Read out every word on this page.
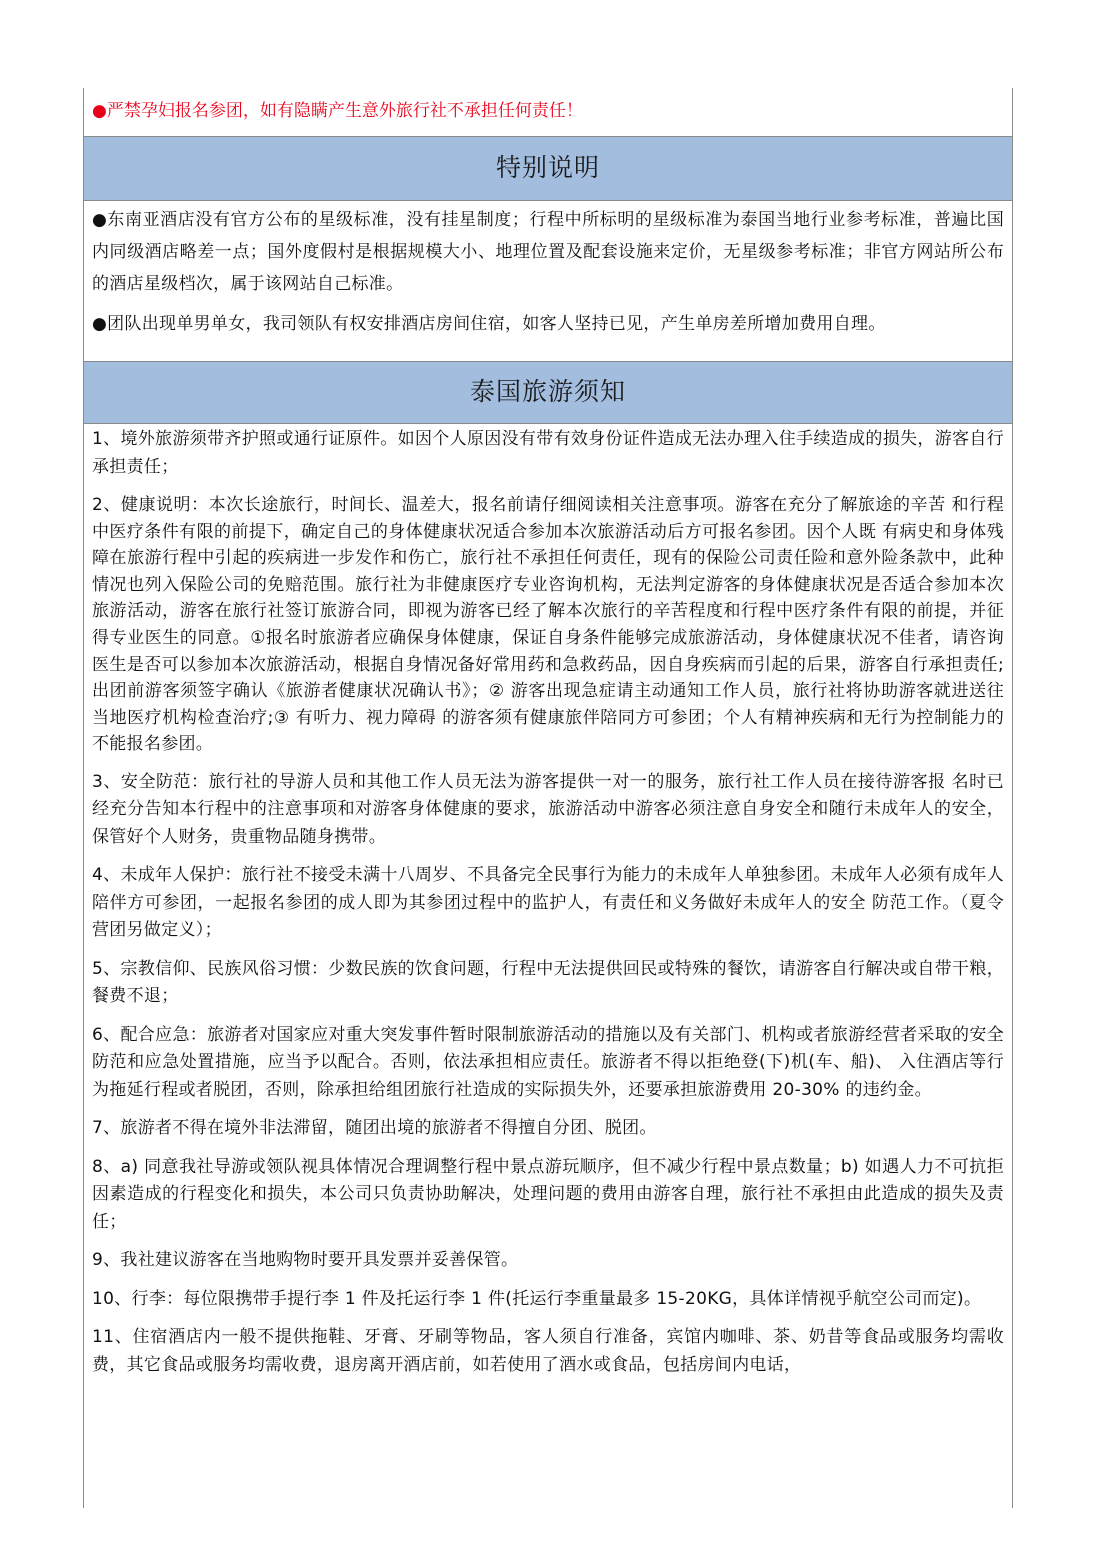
●严禁孕妇报名参团，如有隐瞒产生意外旅行社不承担任何责任！
特别说明

●东南亚酒店没有官方公布的星级标准，没有挂星制度；行程中所标明的星级标准为泰国当地行业参考标准，普遍比国内同级酒店略差一点；国外度假村是根据规模大小、地理位置及配套设施来定价，无星级参考标准；非官方网站所公布的酒店星级档次，属于该网站自己标准。

●团队出现单男单女，我司领队有权安排酒店房间住宿，如客人坚持已见，产生单房差所增加费用自理。

泰国旅游须知

1、境外旅游须带齐护照或通行证原件。如因个人原因没有带有效身份证件造成无法办理入住手续造成的损失，游客自行承担责任；

2、健康说明：本次长途旅行，时间长、温差大，报名前请仔细阅读相关注意事项。游客在充分了解旅途的辛苦 和行程中医疗条件有限的前提下，确定自己的身体健康状况适合参加本次旅游活动后方可报名参团。因个人既 有病史和身体残障在旅游行程中引起的疾病进一步发作和伤亡，旅行社不承担任何责任，现有的保险公司责任险和意外险条款中，此种情况也列入保险公司的免赔范围。旅行社为非健康医疗专业咨询机构，无法判定游客的身体健康状况是否适合参加本次旅游活动，游客在旅行社签订旅游合同，即视为游客已经了解本次旅行的辛苦程度和行程中医疗条件有限的前提，并征得专业医生的同意。①报名时旅游者应确保身体健康，保证自身条件能够完成旅游活动，身体健康状况不佳者，请咨询医生是否可以参加本次旅游活动，根据自身情况备好常用药和急救药品，因自身疾病而引起的后果，游客自行承担责任;出团前游客须签字确认《旅游者健康状况确认书》；② 游客出现急症请主动通知工作人员，旅行社将协助游客就进送往当地医疗机构检查治疗;③ 有听力、视力障碍 的游客须有健康旅伴陪同方可参团；个人有精神疾病和无行为控制能力的不能报名参团。

3、安全防范：旅行社的导游人员和其他工作人员无法为游客提供一对一的服务，旅行社工作人员在接待游客报 名时已经充分告知本行程中的注意事项和对游客身体健康的要求，旅游活动中游客必须注意自身安全和随行未成年人的安全，保管好个人财务，贵重物品随身携带。

4、未成年人保护：旅行社不接受未满十八周岁、不具备完全民事行为能力的未成年人单独参团。未成年人必须有成年人陪伴方可参团，一起报名参团的成人即为其参团过程中的监护人，有责任和义务做好未成年人的安全 防范工作。（夏令营团另做定义）；

5、宗教信仰、民族风俗习惯：少数民族的饮食问题，行程中无法提供回民或特殊的餐饮，请游客自行解决或自带干粮，餐费不退；

6、配合应急：旅游者对国家应对重大突发事件暂时限制旅游活动的措施以及有关部门、机构或者旅游经营者采取的安全防范和应急处置措施，应当予以配合。否则，依法承担相应责任。旅游者不得以拒绝登(下)机(车、船)、 入住酒店等行为拖延行程或者脱团，否则，除承担给组团旅行社造成的实际损失外，还要承担旅游费用 20-30% 的违约金。

7、旅游者不得在境外非法滞留，随团出境的旅游者不得擅自分团、脱团。

8、a) 同意我社导游或领队视具体情况合理调整行程中景点游玩顺序，但不减少行程中景点数量；b) 如遇人力不可抗拒因素造成的行程变化和损失，本公司只负责协助解决，处理问题的费用由游客自理，旅行社不承担由此造成的损失及责任；

9、我社建议游客在当地购物时要开具发票并妥善保管。

10、行李：每位限携带手提行李 1 件及托运行李 1 件(托运行李重量最多 15-20KG，具体详情视乎航空公司而定)。

11、住宿酒店内一般不提供拖鞋、牙膏、牙刷等物品，客人须自行准备，宾馆内咖啡、茶、奶昔等食品或服务均需收费，其它食品或服务均需收费，退房离开酒店前，如若使用了酒水或食品，包括房间内电话，
